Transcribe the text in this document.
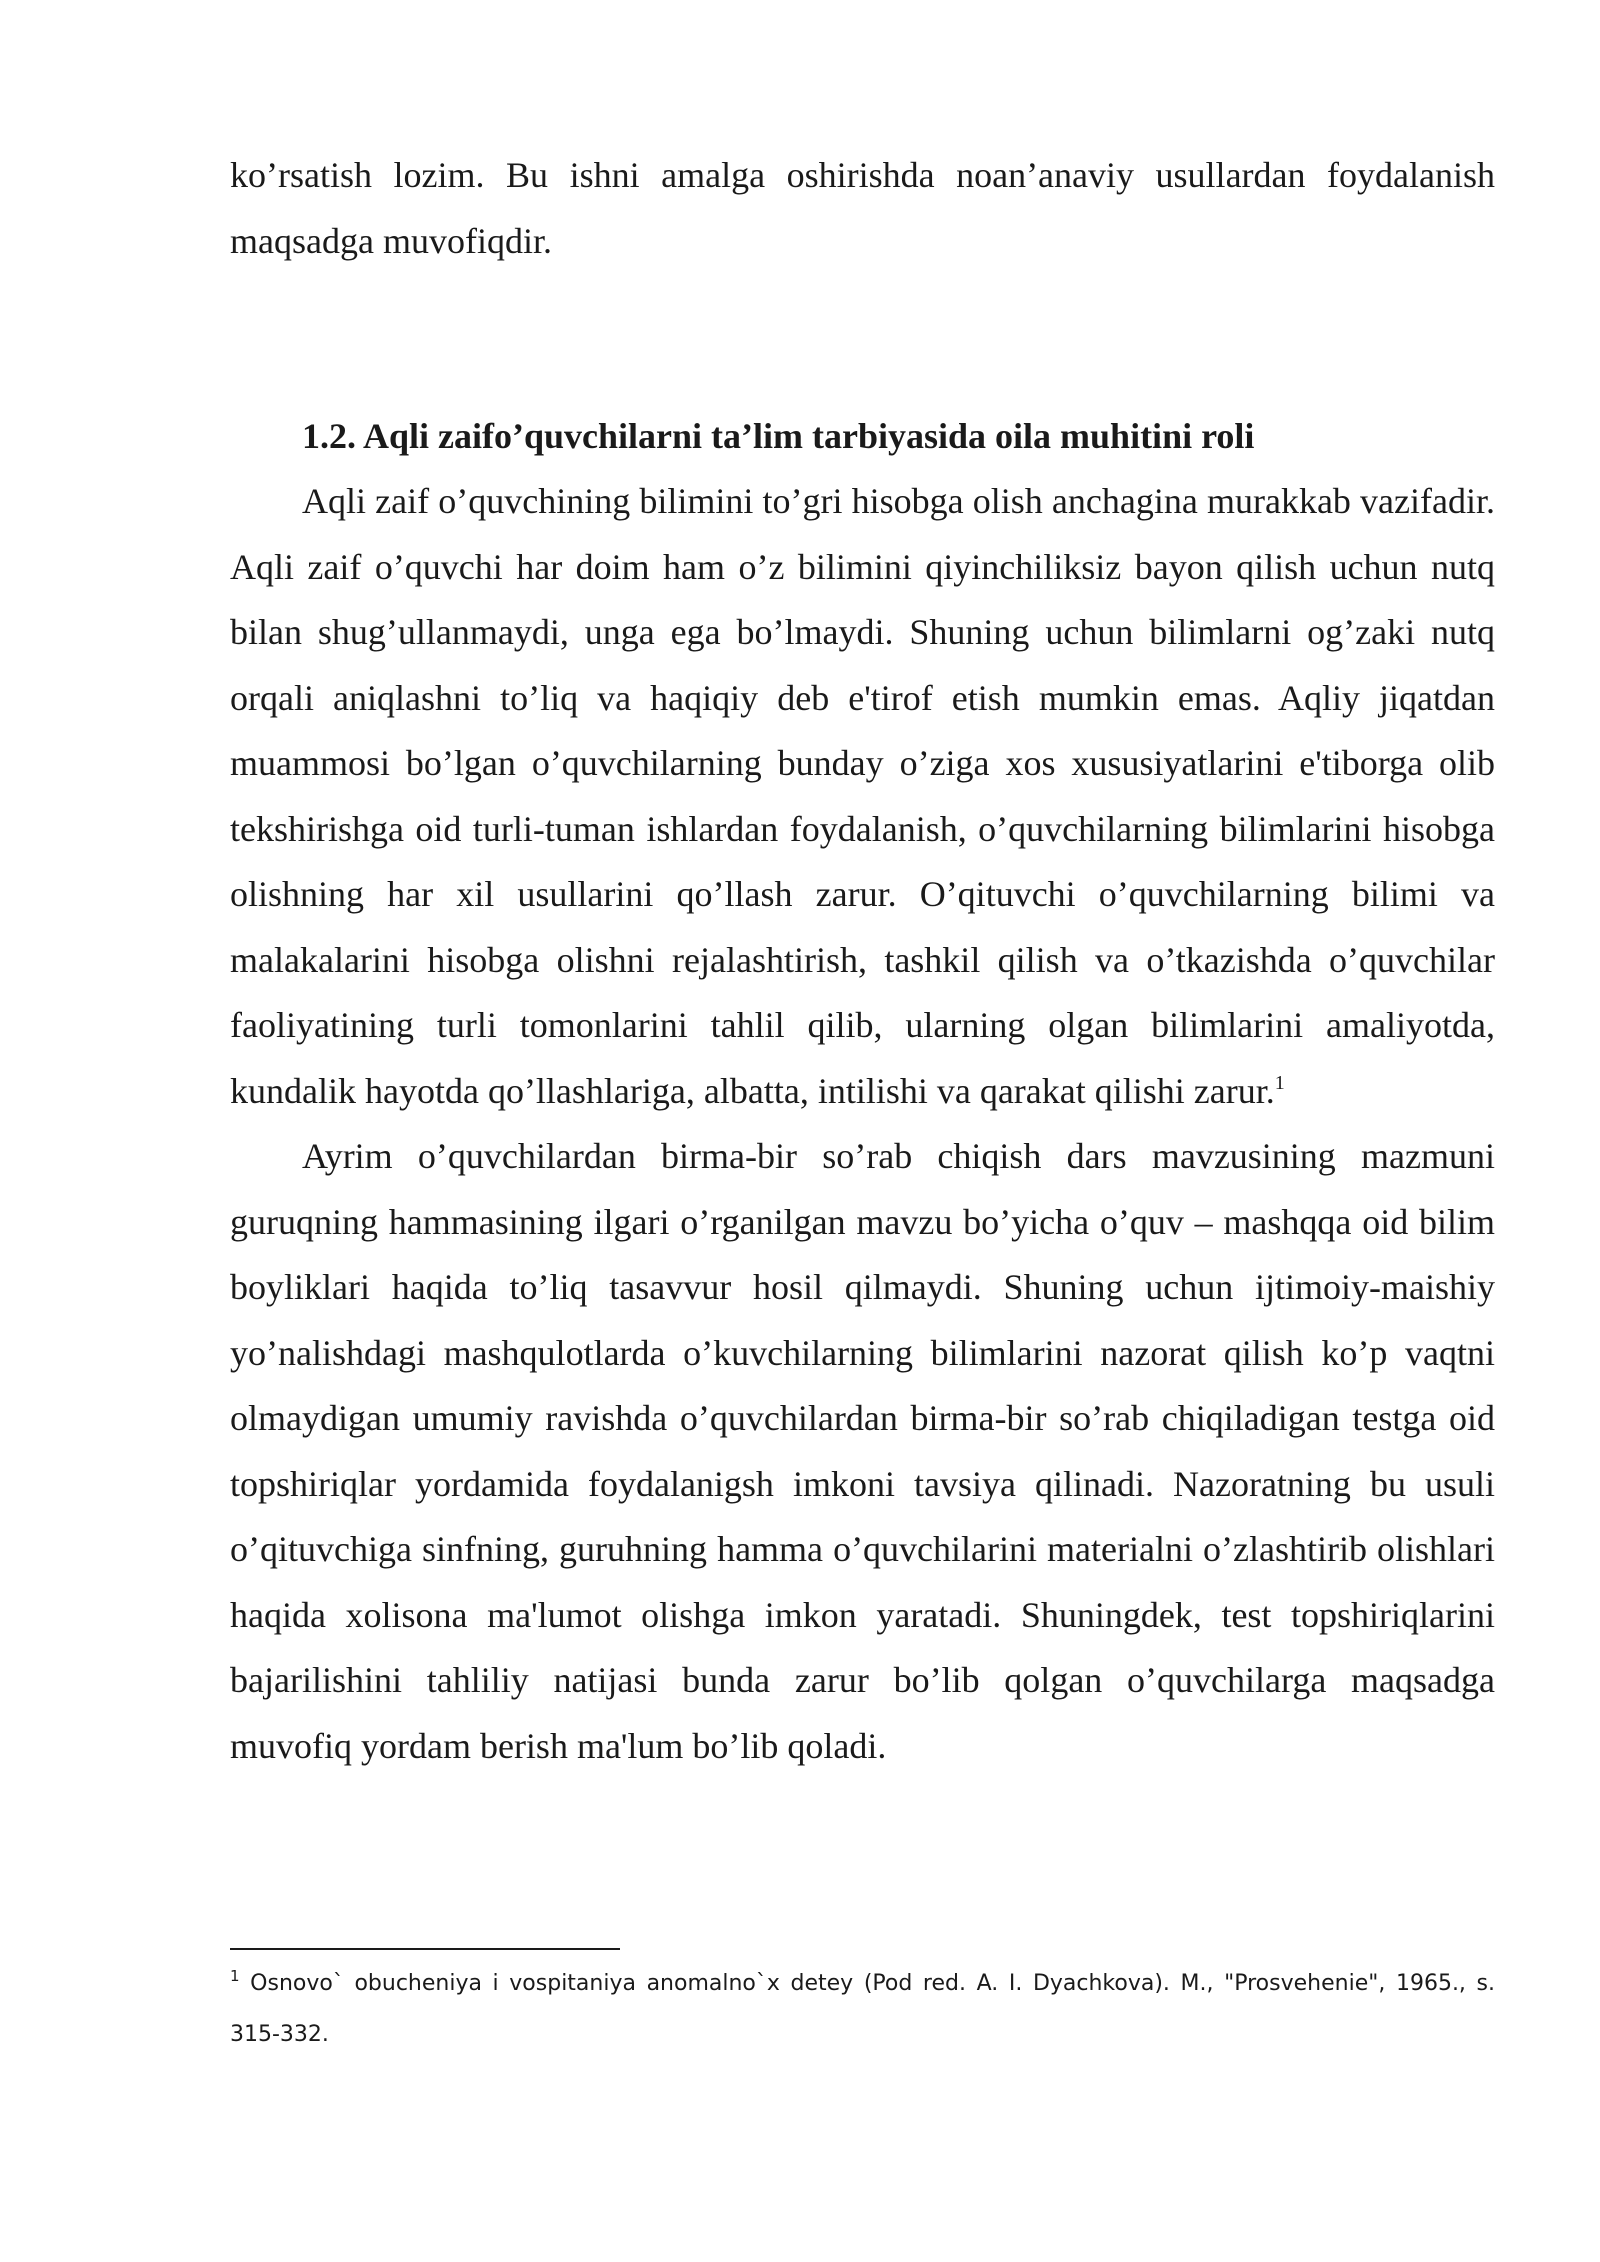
ko’rsatish lozim. Bu ishni amalga oshirishda noan’anaviy usullardan foydalanish maqsadga muvofiqdir.
1.2. Aqli zaifo’quvchilarni ta’lim tarbiyasida oila muhitini roli

Aqli zaif o’quvchining bilimini to’gri hisobga olish anchagina murakkab vazifadir. Aqli zaif o’quvchi har doim ham o’z bilimini qiyinchiliksiz bayon qilish uchun nutq bilan shug’ullanmaydi, unga ega bo’lmaydi. Shuning uchun bilimlarni og’zaki nutq orqali aniqlashni to’liq va haqiqiy deb e'tirof etish mumkin emas. Aqliy jiqatdan muammosi bo’lgan o’quvchilarning bunday o’ziga xos xususiyatlarini e'tiborga olib tekshirishga oid turli-tuman ishlardan foydalanish, o’quvchilarning bilimlarini hisobga olishning har xil usullarini qo’llash zarur. O’qituvchi o’quvchilarning bilimi va malakalarini hisobga olishni rejalashtirish, tashkil qilish va o’tkazishda o’quvchilar faoliyatining turli tomonlarini tahlil qilib, ularning olgan bilimlarini amaliyotda, kundalik hayotda qo’llashlariga, albatta, intilishi va qarakat qilishi zarur.$^1$

Ayrim o’quvchilardan birma-bir so’rab chiqish dars mavzusining mazmuni guruqning hammasining ilgari o’rganilgan mavzu bo’yicha o’quv – mashqqa oid bilim boyliklari haqida to’liq tasavvur hosil qilmaydi. Shuning uchun ijtimoiy-maishiy yo’nalishdagi mashqulotlarda o’kuvchilarning bilimlarini nazorat qilish ko’p vaqtni olmaydigan umumiy ravishda o’quvchilardan birma-bir so’rab chiqiladigan testga oid topshiriqlar yordamida foydalanigsh imkoni tavsiya qilinadi. Nazoratning bu usuli o’qituvchiga sinfning, guruhning hamma o’quvchilarini materialni o’zlashtirib olishlari haqida xolisona ma'lumot olishga imkon yaratadi. Shuningdek, test topshiriqlarini bajarilishini tahliliy natijasi bunda zarur bo’lib qolgan o’quvchilarga maqsadga muvofiq yordam berish ma'lum bo’lib qoladi.

$^1$ Osnovo` obucheniya i vospitaniya anomalno`x detey (Pod red. A. I. Dyachkova). M., "Prosvehenie", 1965., s. 315-332.
